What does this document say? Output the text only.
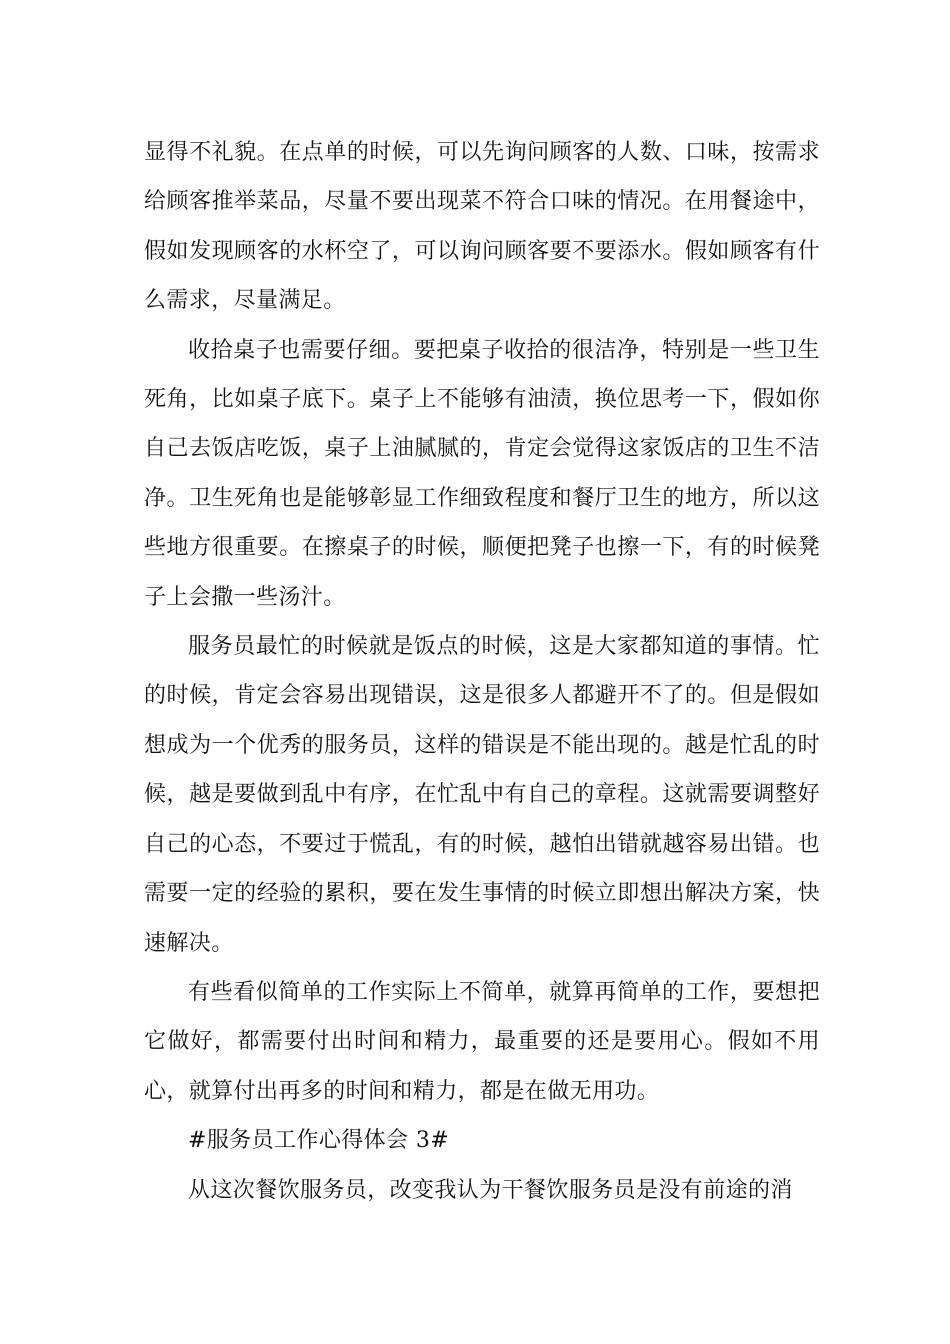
显得不礼貌。在点单的时候，可以先询问顾客的人数、口味，按需求给顾客推举菜品，尽量不要出现菜不符合口味的情况。在用餐途中，假如发现顾客的水杯空了，可以询问顾客要不要添水。假如顾客有什么需求，尽量满足。

收拾桌子也需要仔细。要把桌子收拾的很洁净，特别是一些卫生死角，比如桌子底下。桌子上不能够有油渍，换位思考一下，假如你自己去饭店吃饭，桌子上油腻腻的，肯定会觉得这家饭店的卫生不洁净。卫生死角也是能够彰显工作细致程度和餐厅卫生的地方，所以这些地方很重要。在擦桌子的时候，顺便把凳子也擦一下，有的时候凳子上会撒一些汤汁。

服务员最忙的时候就是饭点的时候，这是大家都知道的事情。忙的时候，肯定会容易出现错误，这是很多人都避开不了的。但是假如想成为一个优秀的服务员，这样的错误是不能出现的。越是忙乱的时候，越是要做到乱中有序，在忙乱中有自己的章程。这就需要调整好自己的心态，不要过于慌乱，有的时候，越怕出错就越容易出错。也需要一定的经验的累积，要在发生事情的时候立即想出解决方案，快速解决。

有些看似简单的工作实际上不简单，就算再简单的工作，要想把它做好，都需要付出时间和精力，最重要的还是要用心。假如不用心，就算付出再多的时间和精力，都是在做无用功。

#服务员工作心得体会 3#

从这次餐饮服务员，改变我认为干餐饮服务员是没有前途的消
